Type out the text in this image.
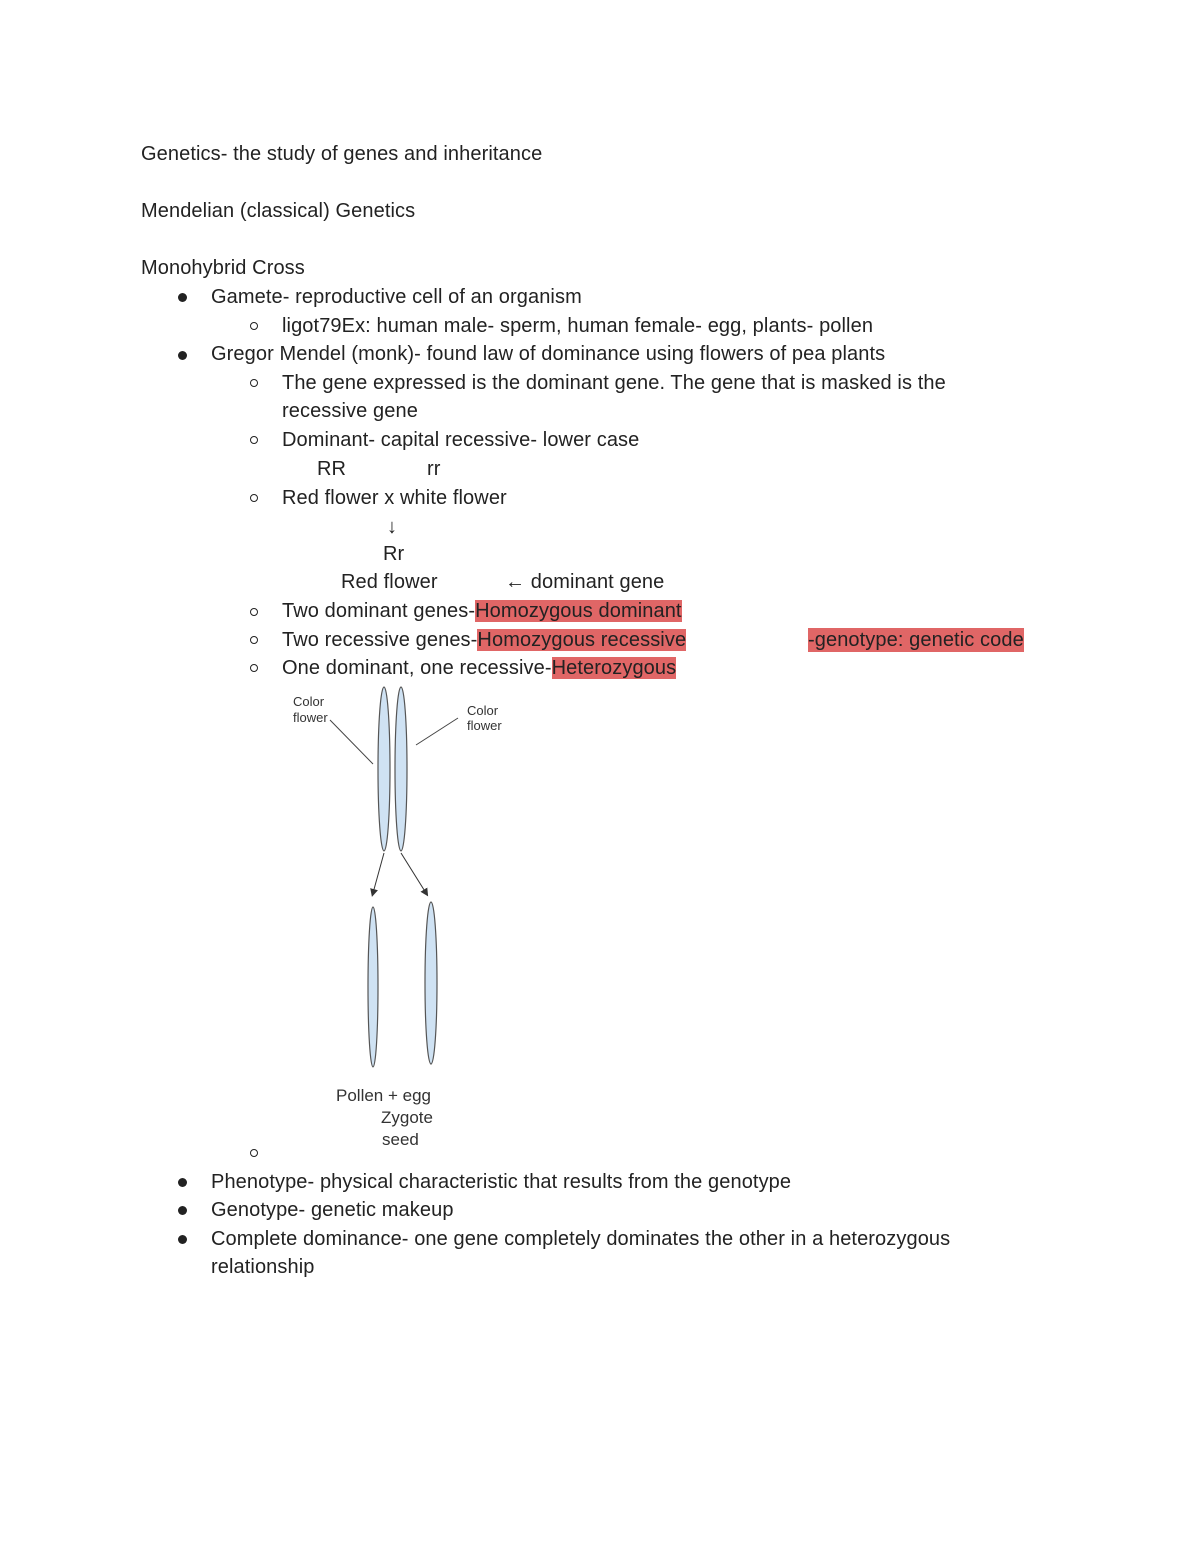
Genetics- the study of genes and inheritance
Mendelian (classical) Genetics
Monohybrid Cross
Gamete- reproductive cell of an organism
ligot79Ex: human male- sperm, human female- egg, plants- pollen
Gregor Mendel (monk)- found law of dominance using flowers of pea plants
The gene expressed is the dominant gene. The gene that is masked is the
recessive gene
Dominant- capital recessive- lower case
RR	rr
Red flower x white flower
↓
Rr
Red flower	← dominant gene
Two dominant genes-Homozygous dominant
Two recessive genes-Homozygous recessive	-genotype: genetic code
One dominant, one recessive-Heterozygous
Color
flower	Color
flower
Pollen + egg
Zygote
seed
Phenotype- physical characteristic that results from the genotype
Genotype- genetic makeup
Complete dominance- one gene completely dominates the other in a heterozygous
relationship
